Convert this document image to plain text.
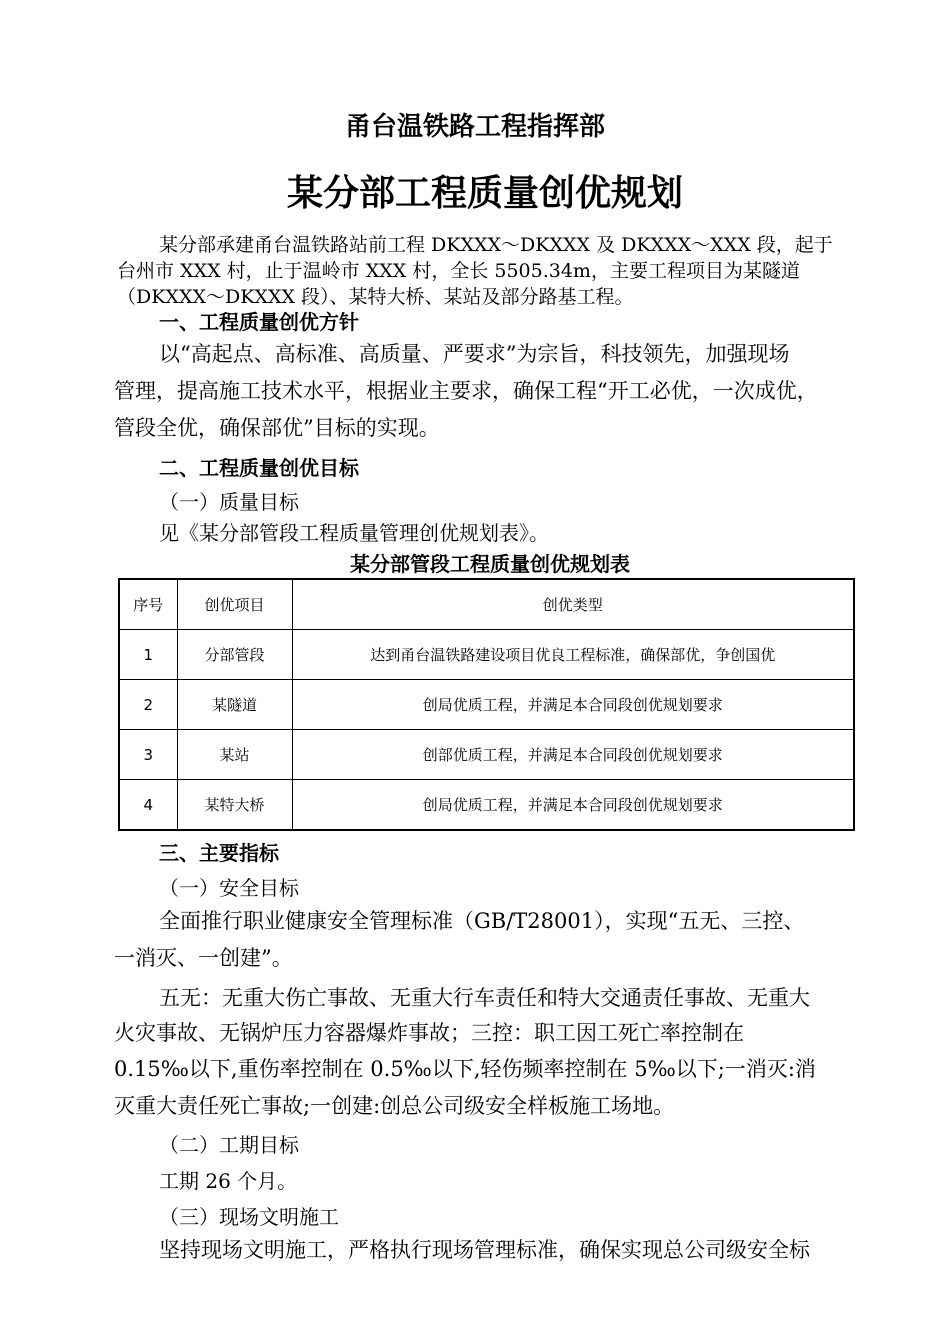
甬台温铁路工程指挥部
某分部工程质量创优规划
某分部承建甬台温铁路站前工程 DKXXX～DKXXX 及 DKXXX～XXX 段，起于
台州市 XXX 村，止于温岭市 XXX 村，全长 5505.34m，主要工程项目为某隧道
（DKXXX～DKXXX 段）、某特大桥、某站及部分路基工程。
一、工程质量创优方针
以“高起点、高标准、高质量、严要求”为宗旨，科技领先，加强现场
管理，提高施工技术水平，根据业主要求，确保工程“开工必优，一次成优，
管段全优，确保部优”目标的实现。
二、工程质量创优目标
（一）质量目标
见《某分部管段工程质量管理创优规划表》。
某分部管段工程质量创优规划表
序号	创优项目	创优类型
1	分部管段	达到甬台温铁路建设项目优良工程标准，确保部优，争创国优
2	某隧道	创局优质工程，并满足本合同段创优规划要求
3	某站	创部优质工程，并满足本合同段创优规划要求
4	某特大桥	创局优质工程，并满足本合同段创优规划要求
三、主要指标
（一）安全目标
全面推行职业健康安全管理标准（GB/T28001），实现“五无、三控、
一消灭、一创建”。
五无：无重大伤亡事故、无重大行车责任和特大交通责任事故、无重大
火灾事故、无锅炉压力容器爆炸事故；三控：职工因工死亡率控制在
0.15‰以下,重伤率控制在 0.5‰以下,轻伤频率控制在 5‰以下;一消灭:消
灭重大责任死亡事故;一创建:创总公司级安全样板施工场地。
（二）工期目标
工期 26 个月。
（三）现场文明施工
坚持现场文明施工，严格执行现场管理标准，确保实现总公司级安全标
